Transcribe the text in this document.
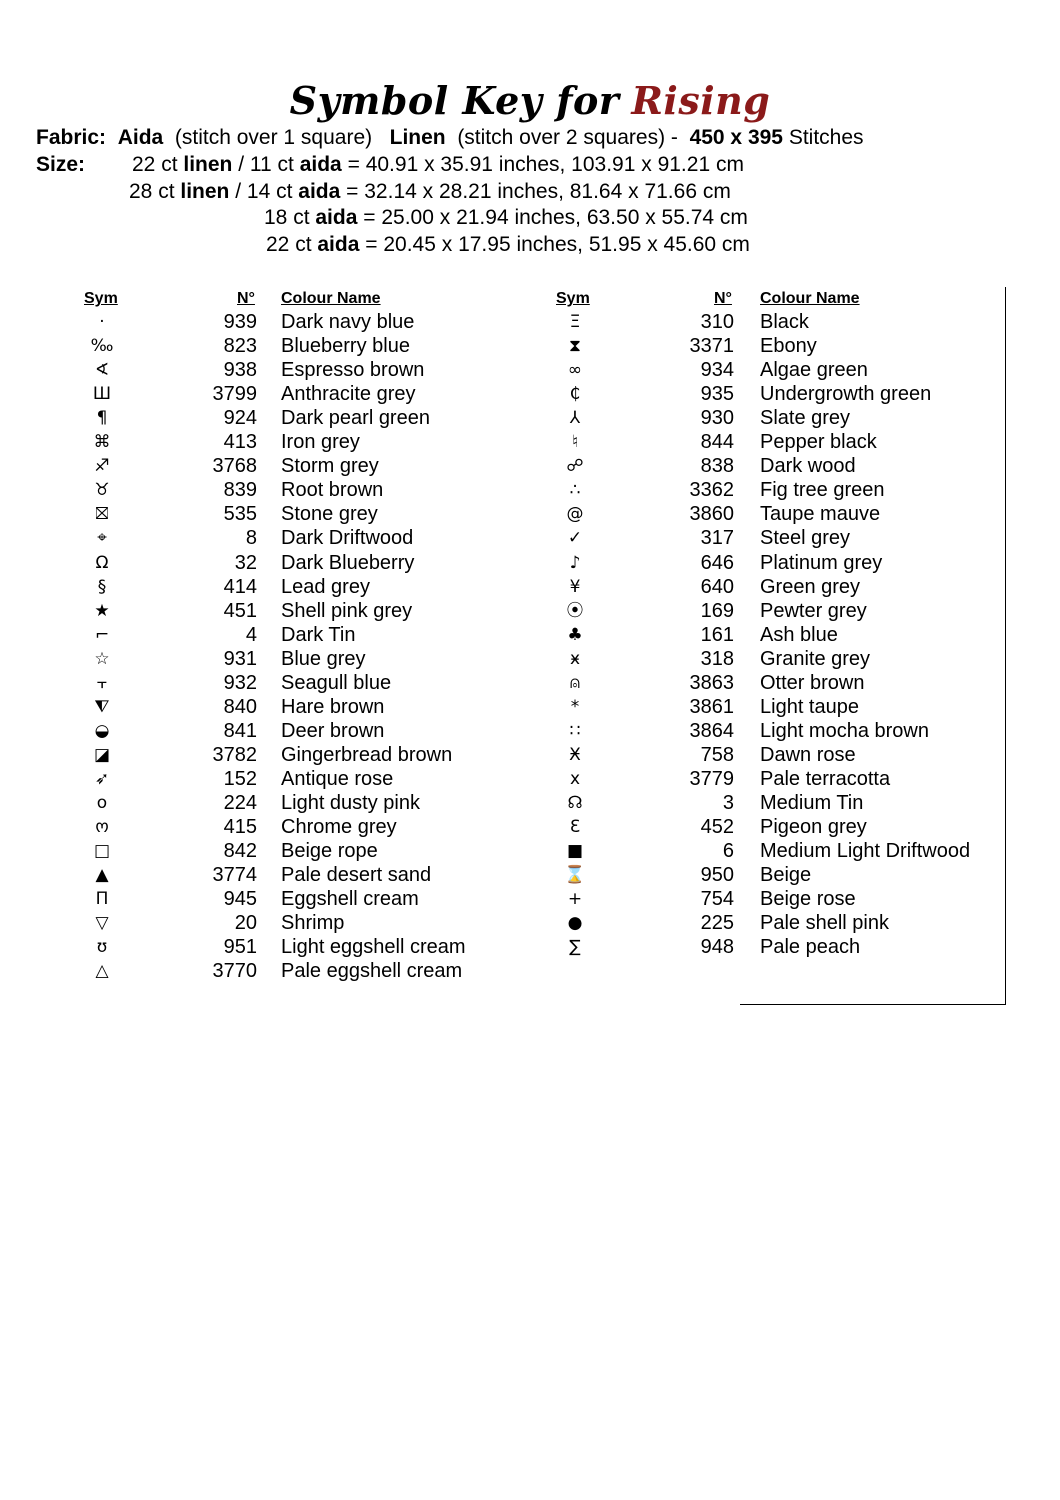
Symbol Key for Rising
Fabric: Aida (stitch over 1 square) Linen (stitch over 2 squares) - 450 x 395 Stitches
Size: 22 ct linen / 11 ct aida = 40.91 x 35.91 inches, 103.91 x 91.21 cm
28 ct linen / 14 ct aida = 32.14 x 28.21 inches, 81.64 x 71.66 cm
18 ct aida = 25.00 x 21.94 inches, 63.50 x 55.74 cm
22 ct aida = 20.45 x 17.95 inches, 51.95 x 45.60 cm
Sym	N° Colour Name	Sym	N° Colour Name
·	939 Dark navy blue
‰	823 Blueberry blue
∢	938 Espresso brown
Ш	3799 Anthracite grey
¶	924 Dark pearl green
⌘	413 Iron grey
♐	3768 Storm grey
♉	839 Root brown
⛝	535 Stone grey
⌖	8 Dark Driftwood
Ω	32 Dark Blueberry
§	414 Lead grey
★	451 Shell pink grey
⌐	4 Dark Tin
☆	931 Blue grey
⫟	932 Seagull blue
⧨	840 Hare brown
◒	841 Deer brown
◪	3782 Gingerbread brown
➶	152 Antique rose
o	224 Light dusty pink
ო	415 Chrome grey
□	842 Beige rope
▲	3774 Pale desert sand
Π	945 Eggshell cream
▽	20 Shrimp
ʊ	951 Light eggshell cream
△	3770 Pale eggshell cream
Ξ	310 Black
⧗	3371 Ebony
∞	934 Algae green
₵	935 Undergrowth green
⅄	930 Slate grey
♮	844 Pepper black
☍	838 Dark wood
∴	3362 Fig tree green
@	3860 Taupe mauve
✓	317 Steel grey
♪	646 Platinum grey
¥	640 Green grey
⦿	169 Pewter grey
♣	161 Ash blue
ӿ	318 Granite grey
⍝	3863 Otter brown
*	3861 Light taupe
∷	3864 Light mocha brown
Ӿ	758 Dawn rose
x	3779 Pale terracotta
☊	3 Medium Tin
Ɛ	452 Pigeon grey
■	6 Medium Light Driftwood
⌛	950 Beige
+	754 Beige rose
●	225 Pale shell pink
∑	948 Pale peach
